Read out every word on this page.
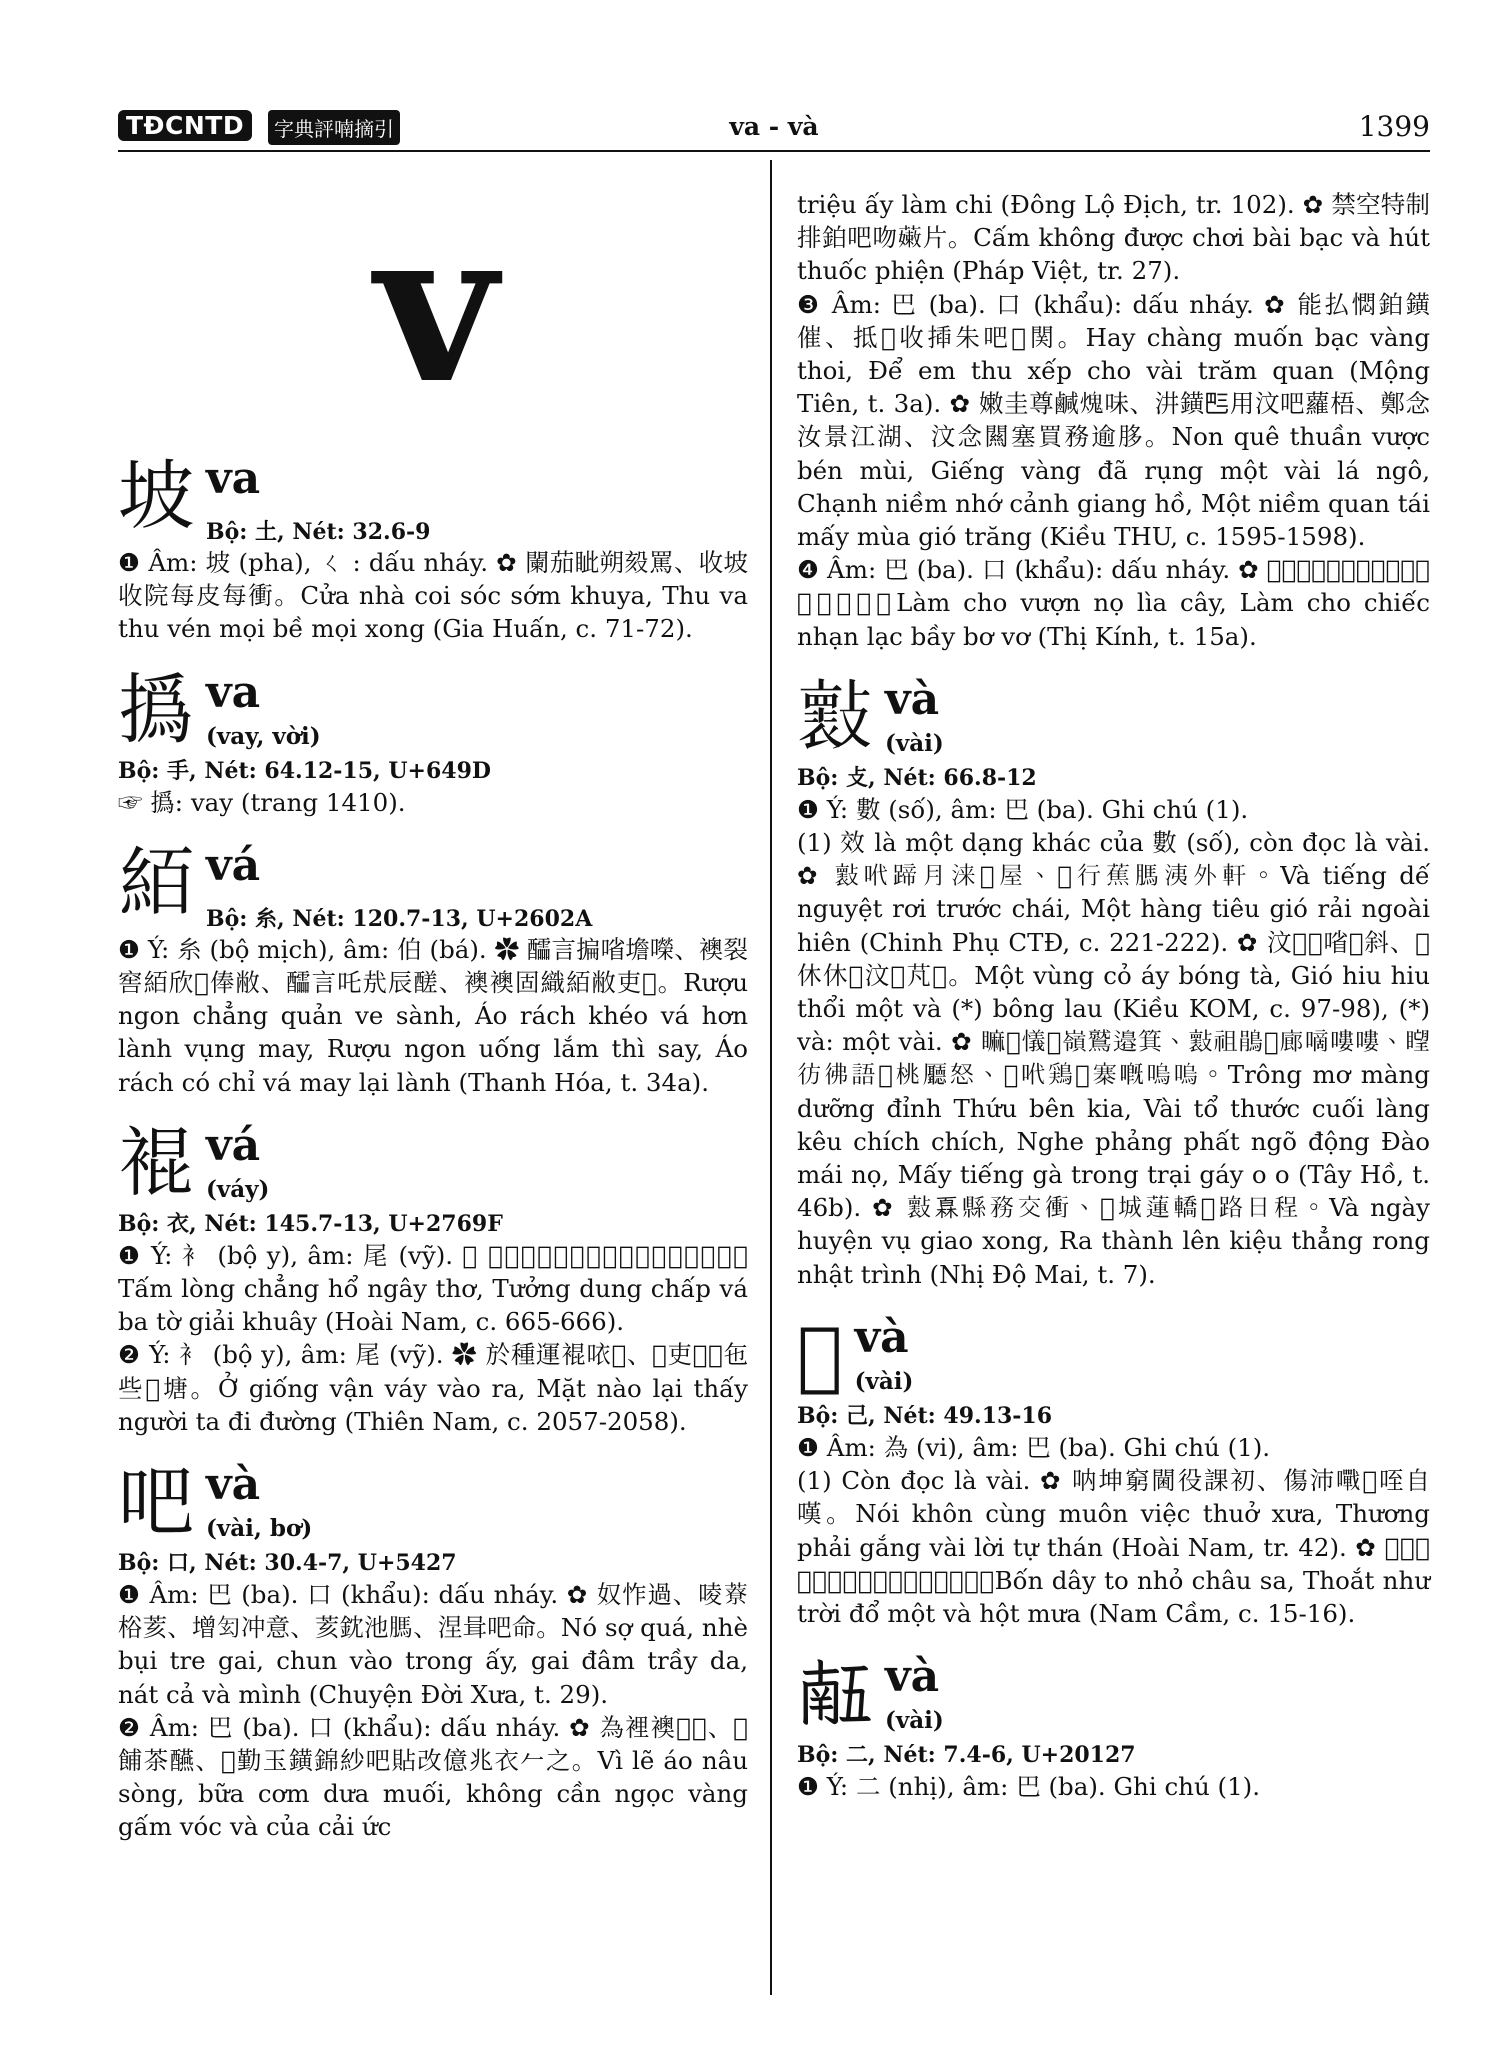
TĐCNTD	字典評喃摘引	va - và	1399
v
坡 va
Bộ: 土, Nét: 32.6-9

❶ Âm: 坡 (pha), ㄑ : dấu nháy. ✿ 闌茄眦朔㱾罵、收坡收院每皮每衝。Cửa nhà coi sóc sớm khuya, Thu va thu vén mọi bề mọi xong (Gia Huấn, c. 71-72).

撝 va
(vay, vời)

Bộ: 手, Nét: 64.12-15, U+649D

☞ 撝: vay (trang 1410).

絔 vá
Bộ: 糸, Nét: 120.7-13, U+2602A

❶ Ý: 糸 (bộ mịch), âm: 伯 (bá). ✿ 醽言揙㗂㙴㘇、襖裂窖絔欣𨫊俸敝、醽言吒㢤辰醝、襖襖固織絔敝吏𨫊。Rượu ngon chẳng quản ve sành, Áo rách khéo vá hơn lành vụng may, Rượu ngon uống lắm thì say, Áo rách có chỉ vá may lại lành (Thanh Hóa, t. 34a).

裩 vá
(váy)

Bộ: 衣, Nét: 145.7-13, U+2769F

❶ Ý: 衤 (bộ y), âm: 尾 (vỹ). ✿ 𢚸悉拯虎癡疎、想溶執裩𢀭詞解𠄩。Tấm lòng chẳng hổ ngây thơ, Tưởng dung chấp vá ba tờ giải khuây (Hoài Nam, c. 665-666).

❷ Ý: 衤 (bộ y), âm: 尾 (vỹ). ✿ 於種運裩𠲖𡗶、𢧚吏𠊚𩂏㐌些𨀈塘。Ở giống vận váy vào ra, Mặt nào lại thấy người ta đi đường (Thiên Nam, c. 2057-2058).

吧 và
(vài, bơ)

Bộ: 口, Nét: 30.4-7, U+5427

❶ Âm: 巴 (ba). 口 (khẩu): dấu nháy. ✿ 奴怍過、㖫𦼔㭲荄、增𠣖冲意、荄鈂池𦟐、涅咠吧命。Nó sợ quá, nhè bụi tre gai, chun vào trong ấy, gai đâm trầy da, nát cả và mình (Chuyện Đời Xưa, t. 29).

❷ Âm: 巴 (ba). 口 (khẩu): dấu nháy. ✿ 為裡襖𦲿𦬑、𩛂餔茶醼、𡧲勤玉鐄錦紗吧貼改億兆衣𠂉之。Vì lẽ áo nâu sòng, bữa cơm dưa muối, không cần ngọc vàng gấm vóc và của cải ức

triệu ấy làm chi (Đông Lộ Địch, tr. 102). ✿ 禁空特制排鉑吧吻𧀒片。Cấm không được chơi bài bạc và hút thuốc phiện (Pháp Việt, tr. 27).

❸ Âm: 巴 (ba). 口 (khẩu): dấu nháy. ✿ 能払㦖鉑鐄催、抵𡛔收揷朱吧𤾓関。Hay chàng muốn bạc vàng thoi, Để em thu xếp cho vài trăm quan (Mộng Tiên, t. 3a). ✿ 嫩圭尊鹹𤌋味、汫鐄𠀧用汶吧蘿梧、鄭念汝景江湖、汶念闗塞買務逾䏧。Non quê thuần vược bén mùi, Giếng vàng đã rụng một vài lá ngô, Chạnh niềm nhớ cảnh giang hồ, Một niềm quan tái mấy mùa gió trăng (Kiều THU, c. 1595-1598).

❹ Âm: 巴 (ba). 口 (khẩu): dấu nháy. ✿ 𠂶朱猿怒離核、𠂶朱隻鴈落排吧嗚。Làm cho vượn nọ lìa cây, Làm cho chiếc nhạn lạc bầy bơ vơ (Thị Kính, t. 15a).

𣀤 và
(vài)

Bộ: 攴, Nét: 66.8-12

❶ Ý: 數 (số), âm: 巴 (ba). Ghi chú (1).

(1) 效 là một dạng khác của 數 (số), còn đọc là vài. ✿ 𣀤𠰺蹄月涞𨴦屋、𠀲行蕉𦟐洟外軒。Và tiếng dế nguyệt rơi trước chái, Một hàng tiêu gió rải ngoài hiên (Chinh Phụ CTĐ, c. 221-222). ✿ 汶𡎝𦹵㗂𡗉斜、𢧚休休𣋚汶𣀤芃𦲺。Một vùng cỏ áy bóng tà, Gió hiu hiu thổi một và (*) bông lau (Kiều KOM, c. 97-98), (*) và: một vài. ✿ 𥊚𤍶𢣂𧼋嶺鷲邉箕、𣀤祖鵑𨀈廊嘀嘍嘍、𥊛彷彿語𡶀桃㕔怒、𠅒𠰺鶏𨉟寨嘅嗚嗚。Trông mơ màng dưỡng đỉnh Thứu bên kia, Vài tổ thước cuối làng kêu chích chích, Nghe phảng phất ngõ động Đào mái nọ, Mấy tiếng gà trong trại gáy o o (Tây Hồ, t. 46b). ✿ 𣀤𤾓縣務交衝、𠓨城蓮轎𨁪路日程。Và ngày huyện vụ giao xong, Ra thành lên kiệu thẳng rong nhật trình (Nhị Độ Mai, t. 7).

𠯽 và
(vài)

Bộ: 己, Nét: 49.13-16

❶ Âm: 為 (vi), âm: 巴 (ba). Ghi chú (1).

(1) Còn đọc là vài. ✿ 呐坤窮閫役課初、傷沛𡃹𠯽咥自嘆。Nói khôn cùng muôn việc thuở xưa, Thương phải gắng vài lời tự thán (Hoài Nam, tr. 42). ✿ 𡗉𦀊蘇𨉓珠沙、脫如𡗶靚蔑𠯽紇霜。Bốn dây to nhỏ châu sa, Thoắt như trời đổ một và hột mưa (Nam Cầm, c. 15-16).

𠄼 và
(vài)

Bộ: 二, Nét: 7.4-6, U+20127

❶ Ý: 二 (nhị), âm: 巴 (ba). Ghi chú (1).
